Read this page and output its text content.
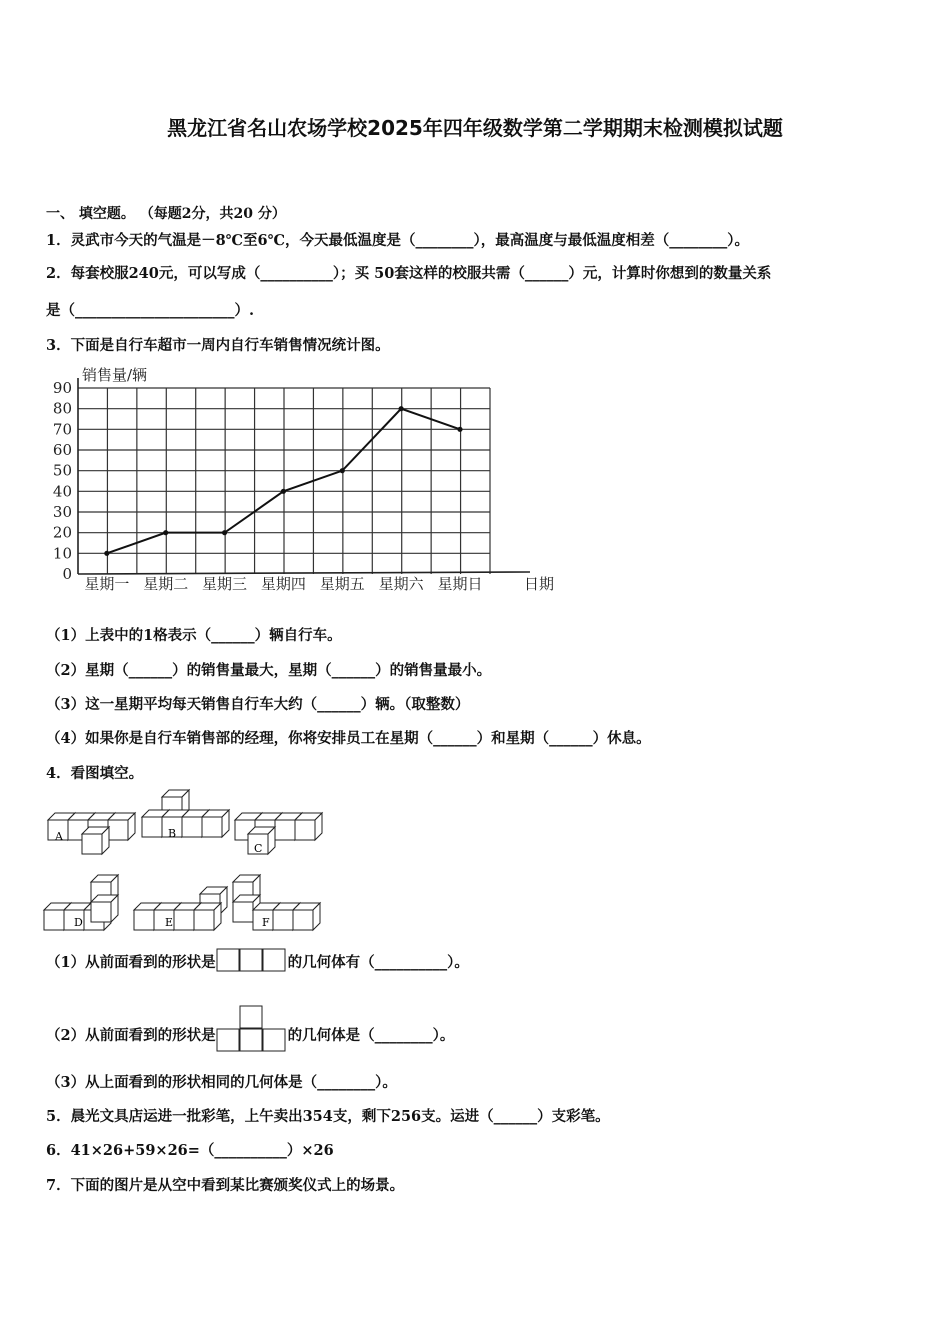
黑龙江省名山农场学校2025年四年级数学第二学期期末检测模拟试题
一、 填空题。 （每题2分，共20 分）
1．灵武市今天的气温是－8℃至6℃，今天最低温度是（________），最高温度与最低温度相差（________）。
2．每套校服240元，可以写成（__________）；买 50套这样的校服共需（______）元，计算时你想到的数量关系
是（______________________）.
3．下面是自行车超市一周内自行车销售情况统计图。
0
10
20
30
40
50
60
70
80
90
星期一 星期二 星期三 星期四 星期五 星期六 星期日
销售量/辆
日期
（1）上表中的1格表示（______）辆自行车。
（2）星期（______）的销售量最大，星期（______）的销售量最小。
（3）这一星期平均每天销售自行车大约（______）辆。（取整数）
（4）如果你是自行车销售部的经理，你将安排员工在星期（______）和星期（______）休息。
4．看图填空。
A	B
C
D	E	F
（1）从前面看到的形状是	的几何体有（__________）。
（2）从前面看到的形状是	的几何体是（________）。
（3）从上面看到的形状相同的几何体是（________）。
5．晨光文具店运进一批彩笔，上午卖出354支，剩下256支。运进（______）支彩笔。
6．41×26+59×26=（__________）×26
7．下面的图片是从空中看到某比赛颁奖仪式上的场景。
